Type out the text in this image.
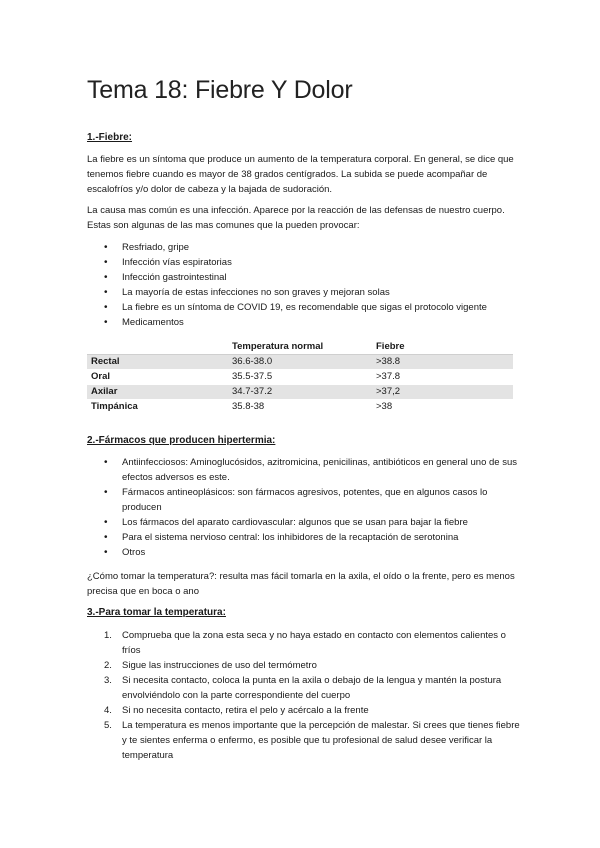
Tema 18: Fiebre Y Dolor
1.-Fiebre:

La fiebre es un síntoma que produce un aumento de la temperatura corporal. En general, se dice que tenemos fiebre cuando es mayor de 38 grados centígrados. La subida se puede acompañar de escalofríos y/o dolor de cabeza y la bajada de sudoración.

La causa mas común es una infección. Aparece por la reacción de las defensas de nuestro cuerpo. Estas son algunas de las mas comunes que la pueden provocar:

• Resfriado, gripe
• Infección vías espiratorias
• Infección gastrointestinal
• La mayoría de estas infecciones no son graves y mejoran solas
• La fiebre es un síntoma de COVID 19, es recomendable que sigas el protocolo vigente
• Medicamentos
	Temperatura normal	Fiebre
Rectal	36.6-38.0	>38.8
Oral	35.5-37.5	>37.8
Axilar	34.7-37.2	>37,2
Timpánica	35.8-38	>38
2.-Fármacos que producen hipertermia:
• Antiinfecciosos: Aminoglucósidos, azitromicina, penicilinas, antibióticos en general uno de sus efectos adversos es este.
• Fármacos antineoplásicos: son fármacos agresivos, potentes, que en algunos casos lo producen
• Los fármacos del aparato cardiovascular: algunos que se usan para bajar la fiebre
• Para el sistema nervioso central: los inhibidores de la recaptación de serotonina
• Otros

¿Cómo tomar la temperatura?: resulta mas fácil tomarla en la axila, el oído o la frente, pero es menos precisa que en boca o ano

3.-Para tomar la temperatura:
1. Comprueba que la zona esta seca y no haya estado en contacto con elementos calientes o fríos
2. Sigue las instrucciones de uso del termómetro
3. Si necesita contacto, coloca la punta en la axila o debajo de la lengua y mantén la postura envolviéndolo con la parte correspondiente del cuerpo
4. Si no necesita contacto, retira el pelo y acércalo a la frente
5. La temperatura es menos importante que la percepción de malestar. Si crees que tienes fiebre y te sientes enferma o enfermo, es posible que tu profesional de salud desee verificar la temperatura
